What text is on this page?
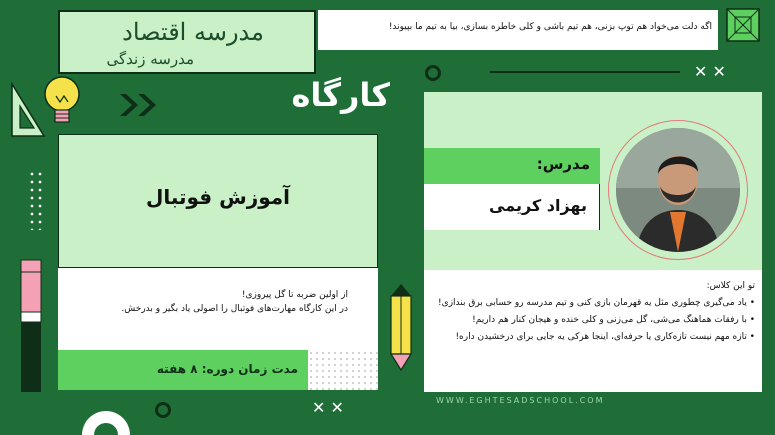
مدرسه اقتصاد
مدرسه زندگی
اگه دلت می‌خواد هم توپ بزنی، هم تیم باشی و کلی خاطره بسازی، بیا به تیم ما بپیوند!
✕ ✕
✕ ✕
کارگاه
آموزش فوتبال
از اولین ضربه تا گل پیروزی!
در این کارگاه مهارت‌های فوتبال را اصولی یاد بگیر و بدرخش.
مدت زمان دوره: ۸ هفته
مدرس:
بهزاد کریمی
تو این کلاس:
• یاد می‌گیری چطوری مثل یه قهرمان بازی کنی و تیم مدرسه رو حسابی برق بندازی!
• با رفقات هماهنگ می‌شی، گل می‌زنی و کلی خنده و هیجان کنار هم داریم!
• تازه مهم نیست تازه‌کاری یا حرفه‌ای، اینجا هرکی یه جایی برای درخشیدن داره!
WWW.EGHTESADSCHOOL.COM
